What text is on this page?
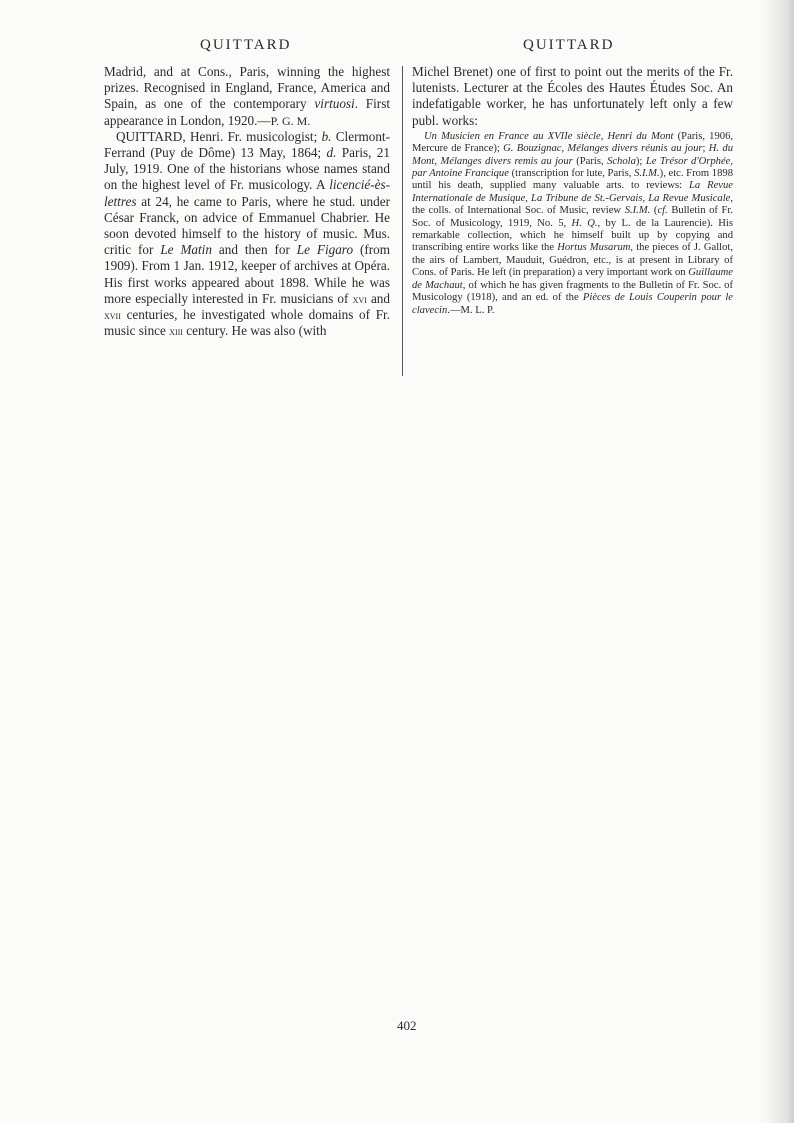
QUITTARD	QUITTARD

Madrid, and at Cons., Paris, winning the highest prizes. Recognised in England, France, America and Spain, as one of the contemporary virtuosi. First appearance in London, 1920.—P. G. M.

QUITTARD, Henri. Fr. musicologist; b. Clermont-Ferrand (Puy de Dôme) 13 May, 1864; d. Paris, 21 July, 1919. One of the historians whose names stand on the highest level of Fr. musicology. A licencié-ès-lettres at 24, he came to Paris, where he stud. under César Franck, on advice of Emmanuel Chabrier. He soon devoted himself to the history of music. Mus. critic for Le Matin and then for Le Figaro (from 1909). From 1 Jan. 1912, keeper of archives at Opéra. His first works appeared about 1898. While he was more especially interested in Fr. musicians of xvi and xvii centuries, he investigated whole domains of Fr. music since xiii century. He was also (with

Michel Brenet) one of first to point out the merits of the Fr. lutenists. Lecturer at the Écoles des Hautes Études Soc. An indefatigable worker, he has unfortunately left only a few publ. works:

Un Musicien en France au XVIIe siècle, Henri du Mont (Paris, 1906, Mercure de France); G. Bouzignac, Mélanges divers réunis au jour; H. du Mont, Mélanges divers remis au jour (Paris, Schola); Le Trésor d'Orphée, par Antoine Francique (transcription for lute, Paris, S.I.M.), etc. From 1898 until his death, supplied many valuable arts. to reviews: La Revue Internationale de Musique, La Tribune de St.-Gervais, La Revue Musicale, the colls. of International Soc. of Music, review S.I.M. (cf. Bulletin of Fr. Soc. of Musicology, 1919, No. 5, H. Q., by L. de la Laurencie). His remarkable collection, which he himself built up by copying and transcribing entire works like the Hortus Musarum, the pieces of J. Gallot, the airs of Lambert, Mauduit, Guédron, etc., is at present in Library of Cons. of Paris. He left (in preparation) a very important work on Guillaume de Machaut, of which he has given fragments to the Bulletin of Fr. Soc. of Musicology (1918), and an ed. of the Pièces de Louis Couperin pour le clavecin.—M. L. P.

402
